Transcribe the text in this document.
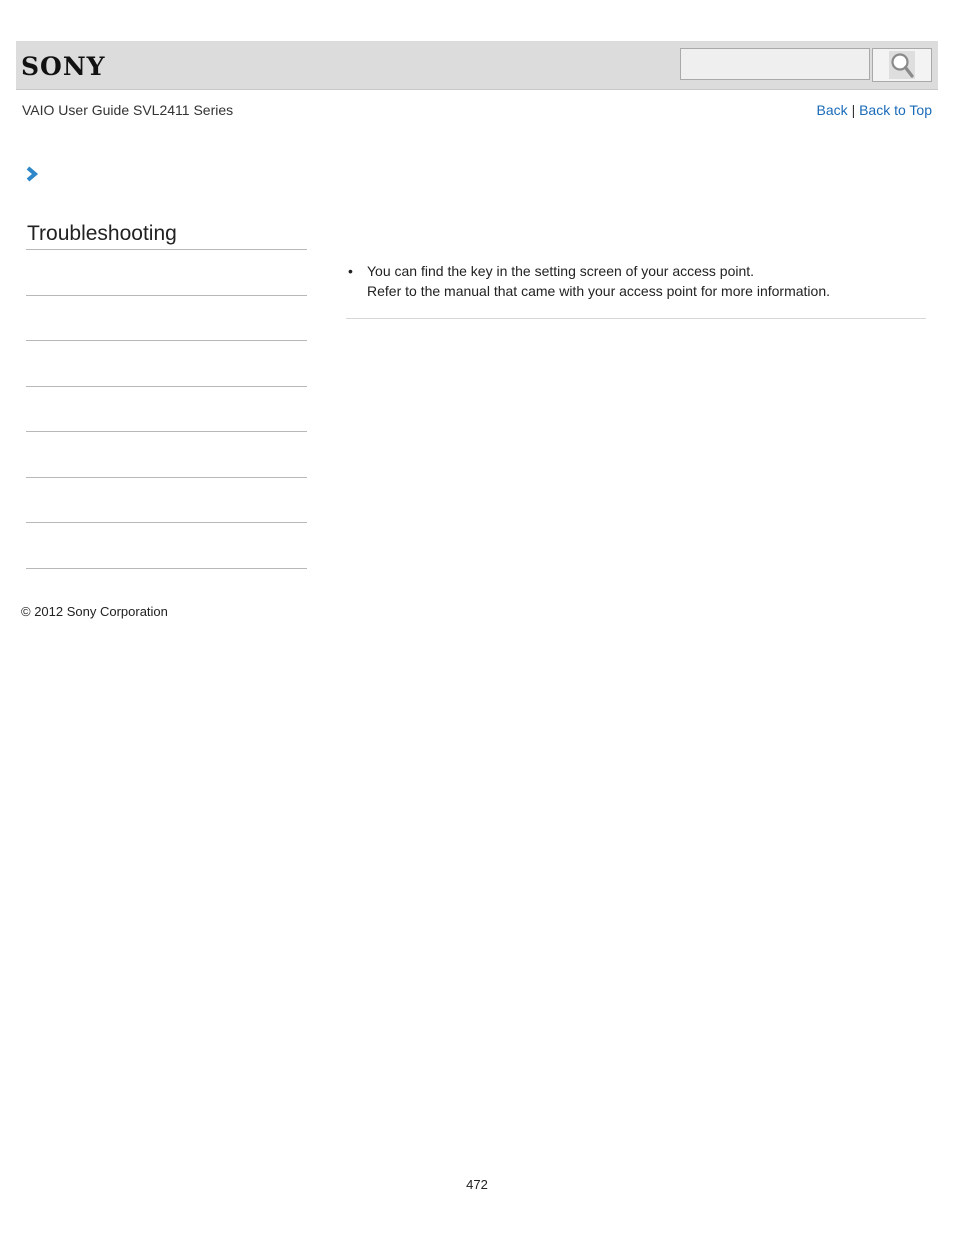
SONY
VAIO User Guide SVL2411 Series	Back | Back to Top
Troubleshooting
• You can find the key in the setting screen of your access point.
Refer to the manual that came with your access point for more information.
© 2012 Sony Corporation
472
